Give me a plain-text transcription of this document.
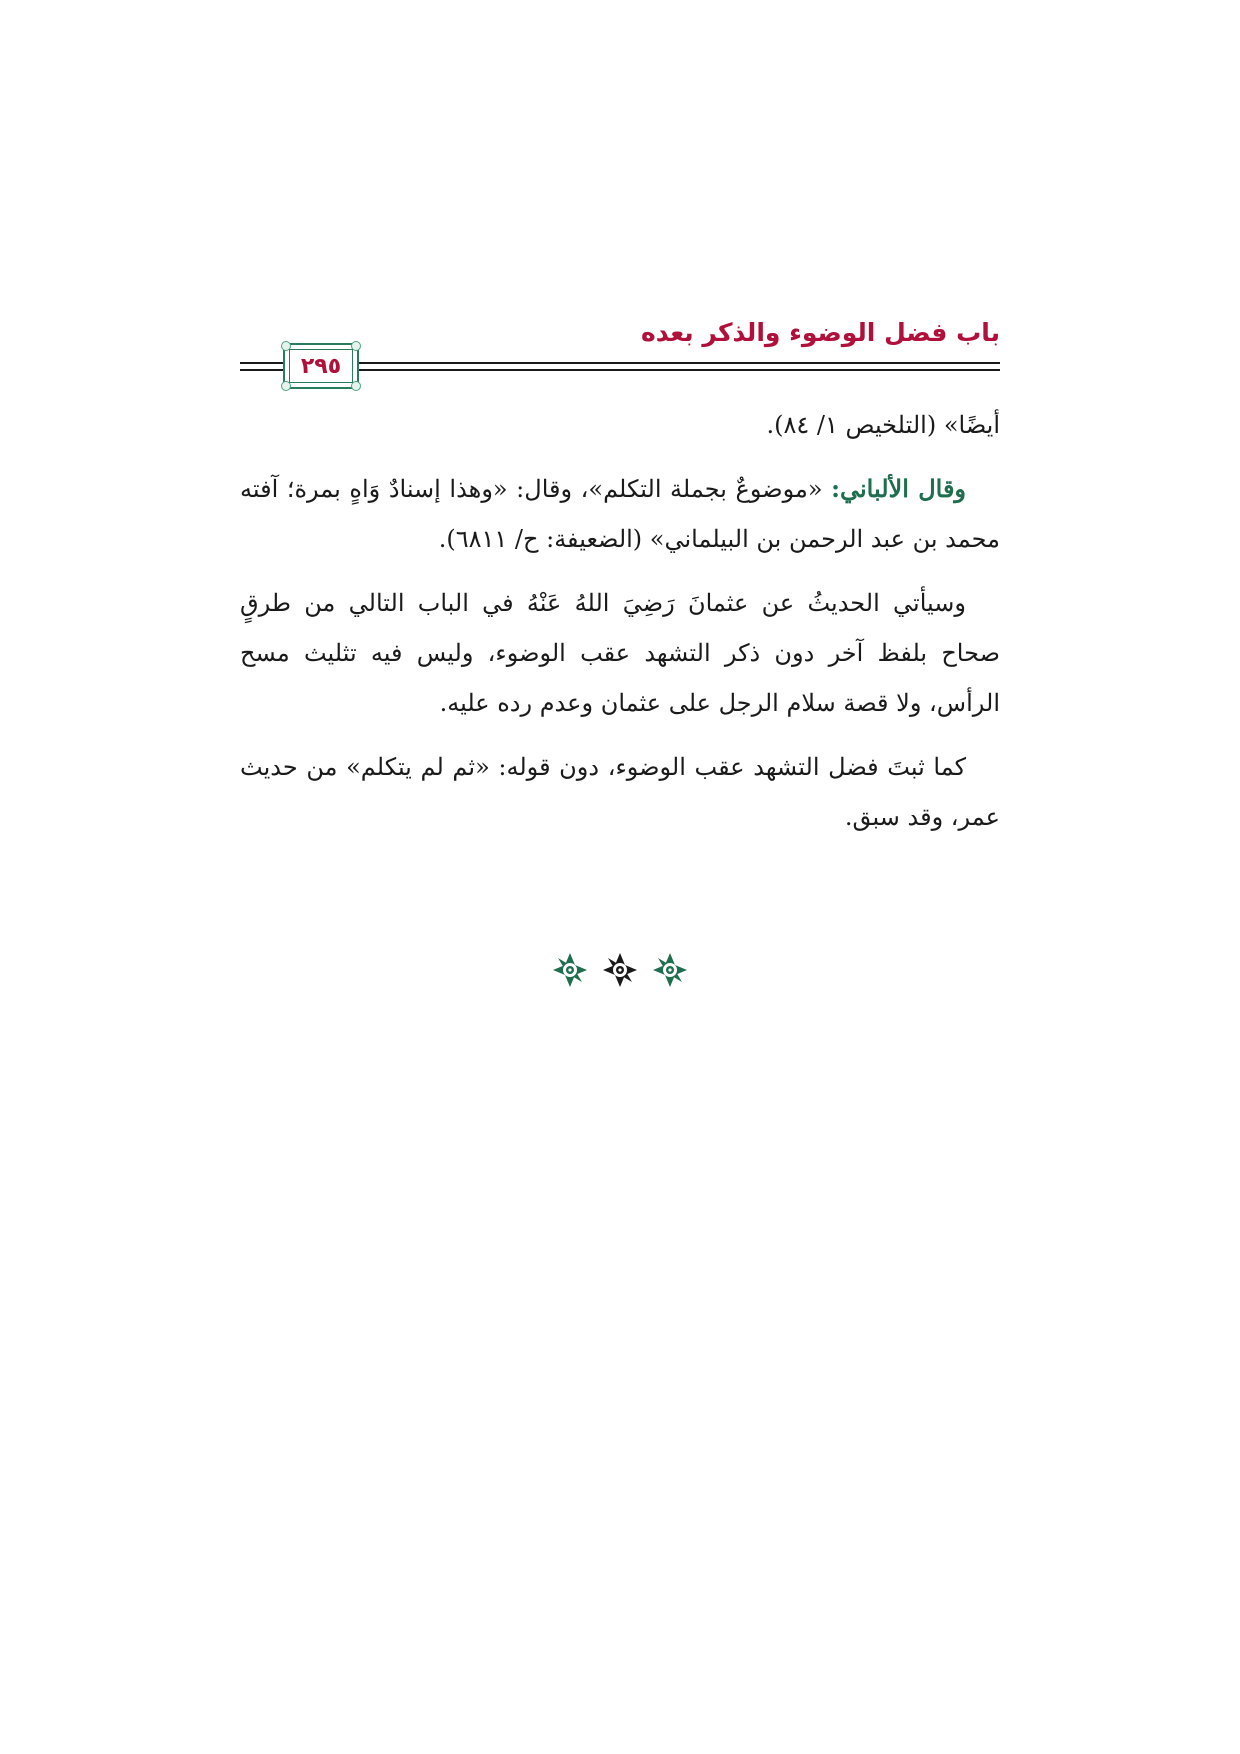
باب فضل الوضوء والذكر بعده
٢٩٥

أيضًا» (التلخيص ١/ ٨٤).

وقال الألباني: «موضوعٌ بجملة التكلم»، وقال: «وهذا إسنادٌ وَاهٍ بمرة؛ آفته محمد بن عبد الرحمن بن البيلماني» (الضعيفة: ح/ ٦٨١١).

وسيأتي الحديثُ عن عثمانَ رَضِيَ اللهُ عَنْهُ في الباب التالي من طرقٍ صحاح بلفظ آخر دون ذكر التشهد عقب الوضوء، وليس فيه تثليث مسح الرأس، ولا قصة سلام الرجل على عثمان وعدم رده عليه.

كما ثبتَ فضل التشهد عقب الوضوء، دون قوله: «ثم لم يتكلم» من حديث عمر، وقد سبق.
